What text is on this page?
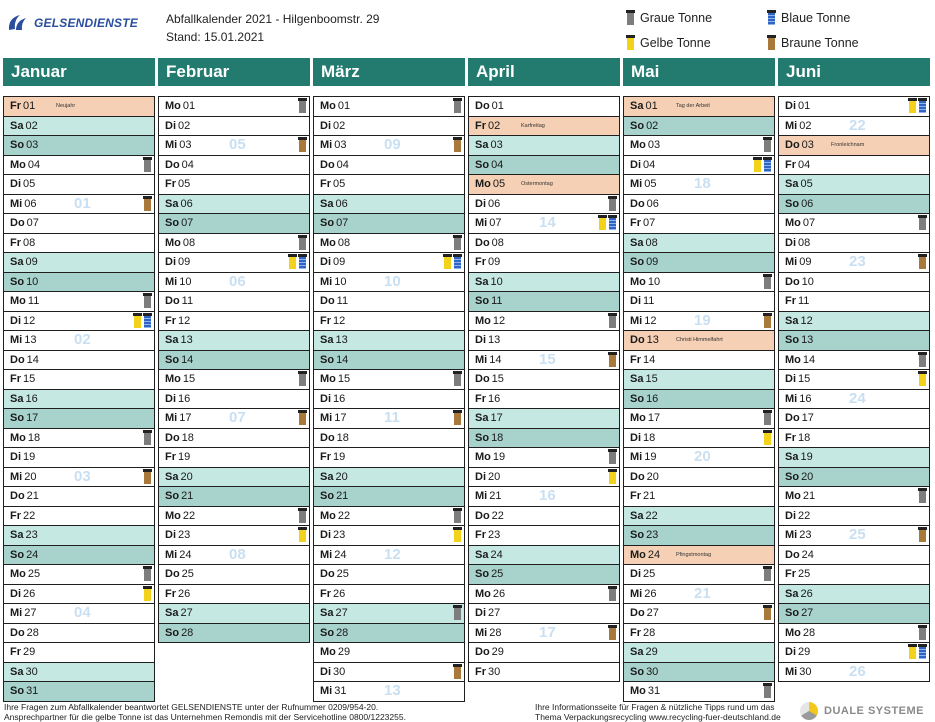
GELSENDIENSTE Abfallkalender 2021 - Hilgenboomstr. 29
Stand: 15.01.2021
Graue Tonne	Blaue Tonne
Gelbe Tonne	Braune Tonne
Januar
Fr 01	Neujahr
Sa 02
So 03
Mo 04
Di 05
Mi 06	01
Do 07
Fr 08
Sa 09
So 10
Mo 11
Di 12
Mi 13	02
Do 14
Fr 15
Sa 16
So 17
Mo 18
Di 19
Mi 20	03
Do 21
Fr 22
Sa 23
So 24
Mo 25
Di 26
Mi 27	04
Do 28
Fr 29
Sa 30
So 31
Februar
Mo 01
Di 02
Mi 03	05
Do 04
Fr 05
Sa 06
So 07
Mo 08
Di 09
Mi 10	06
Do 11
Fr 12
Sa 13
So 14
Mo 15
Di 16
Mi 17	07
Do 18
Fr 19
Sa 20
So 21
Mo 22
Di 23
Mi 24	08
Do 25
Fr 26
Sa 27
So 28
März
Mo 01
Di 02
Mi 03	09
Do 04
Fr 05
Sa 06
So 07
Mo 08
Di 09
Mi 10	10
Do 11
Fr 12
Sa 13
So 14
Mo 15
Di 16
Mi 17	11
Do 18
Fr 19
Sa 20
So 21
Mo 22
Di 23
Mi 24	12
Do 25
Fr 26
Sa 27
So 28
Mo 29
Di 30
Mi 31	13
April
Do 01
Fr 02	Karfreitag
Sa 03
So 04
Mo 05	Ostermontag
Di 06
Mi 07	14
Do 08
Fr 09
Sa 10
So 11
Mo 12
Di 13
Mi 14	15
Do 15
Fr 16
Sa 17
So 18
Mo 19
Di 20
Mi 21	16
Do 22
Fr 23
Sa 24
So 25
Mo 26
Di 27
Mi 28	17
Do 29
Fr 30
Mai
Sa 01	Tag der Arbeit
So 02
Mo 03
Di 04
Mi 05	18
Do 06
Fr 07
Sa 08
So 09
Mo 10
Di 11
Mi 12	19
Do 13	Christi Himmelfahrt
Fr 14
Sa 15
So 16
Mo 17
Di 18
Mi 19	20
Do 20
Fr 21
Sa 22
So 23
Mo 24	Pfingstmontag
Di 25
Mi 26	21
Do 27
Fr 28
Sa 29
So 30
Mo 31
Juni
Di 01
Mi 02	22
Do 03	Fronleichnam
Fr 04
Sa 05
So 06
Mo 07
Di 08
Mi 09	23
Do 10
Fr 11
Sa 12
So 13
Mo 14
Di 15
Mi 16	24
Do 17
Fr 18
Sa 19
So 20
Mo 21
Di 22
Mi 23	25
Do 24
Fr 25
Sa 26
So 27
Mo 28
Di 29
Mi 30	26
Ihre Fragen zum Abfallkalender beantwortet GELSENDIENSTE unter der Rufnummer 0209/954-20.
Ansprechpartner für die gelbe Tonne ist das Unternehmen Remondis mit der Servicehotline 0800/1223255.
Ihre Informationsseite für Fragen & nützliche Tipps rund um das
Thema Verpackungsrecycling www.recycling-fuer-deutschland.de	DUALE SYSTEME
